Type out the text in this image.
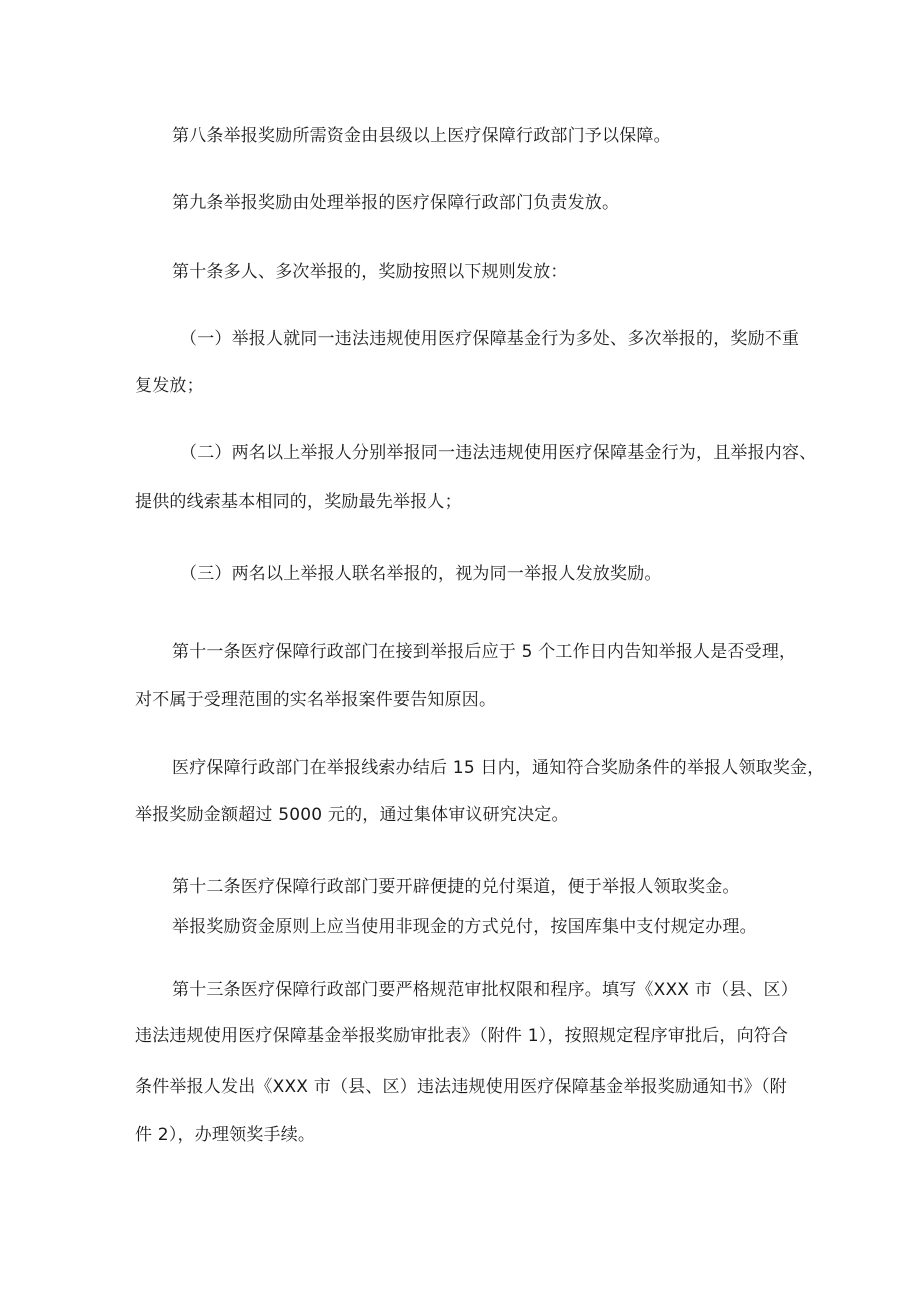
第八条举报奖励所需资金由县级以上医疗保障行政部门予以保障。
第九条举报奖励由处理举报的医疗保障行政部门负责发放。
第十条多人、多次举报的，奖励按照以下规则发放：
（一）举报人就同一违法违规使用医疗保障基金行为多处、多次举报的，奖励不重
复发放；
（二）两名以上举报人分别举报同一违法违规使用医疗保障基金行为，且举报内容、
提供的线索基本相同的，奖励最先举报人；
（三）两名以上举报人联名举报的，视为同一举报人发放奖励。
第十一条医疗保障行政部门在接到举报后应于 5 个工作日内告知举报人是否受理，
对不属于受理范围的实名举报案件要告知原因。
医疗保障行政部门在举报线索办结后 15 日内，通知符合奖励条件的举报人领取奖金，
举报奖励金额超过 5000 元的，通过集体审议研究决定。
第十二条医疗保障行政部门要开辟便捷的兑付渠道，便于举报人领取奖金。
举报奖励资金原则上应当使用非现金的方式兑付，按国库集中支付规定办理。
第十三条医疗保障行政部门要严格规范审批权限和程序。填写《XXX 市（县、区）
违法违规使用医疗保障基金举报奖励审批表》（附件 1），按照规定程序审批后，向符合
条件举报人发出《XXX 市（县、区）违法违规使用医疗保障基金举报奖励通知书》（附
件 2），办理领奖手续。
